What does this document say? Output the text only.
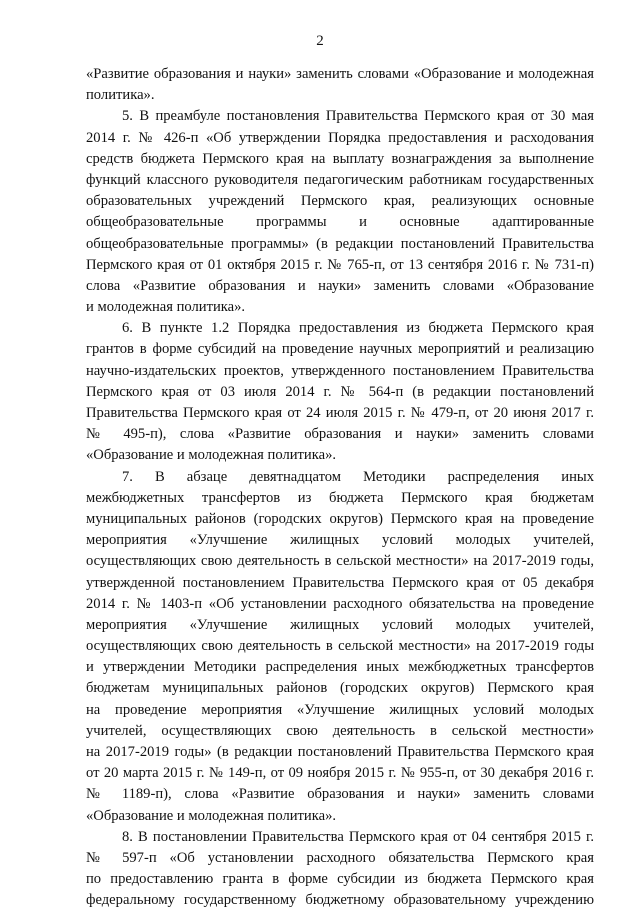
2
«Развитие образования и науки» заменить словами «Образование и молодежная
политика».
5. В преамбуле постановления Правительства Пермского края от 30 мая
2014 г. № 426-п «Об утверждении Порядка предоставления и расходования
средств бюджета Пермского края на выплату вознаграждения за выполнение
функций классного руководителя педагогическим работникам государственных
образовательных учреждений Пермского края, реализующих основные
общеобразовательные программы и основные адаптированные
общеобразовательные программы» (в редакции постановлений Правительства
Пермского края от 01 октября 2015 г. № 765-п, от 13 сентября 2016 г. № 731-п)
слова «Развитие образования и науки» заменить словами «Образование
и молодежная политика».
6. В пункте 1.2 Порядка предоставления из бюджета Пермского края
грантов в форме субсидий на проведение научных мероприятий и реализацию
научно-издательских проектов, утвержденного постановлением Правительства
Пермского края от 03 июля 2014 г. № 564-п (в редакции постановлений
Правительства Пермского края от 24 июля 2015 г. № 479-п, от 20 июня 2017 г.
№ 495-п), слова «Развитие образования и науки» заменить словами
«Образование и молодежная политика».
7. В абзаце девятнадцатом Методики распределения иных
межбюджетных трансфертов из бюджета Пермского края бюджетам
муниципальных районов (городских округов) Пермского края на проведение
мероприятия «Улучшение жилищных условий молодых учителей,
осуществляющих свою деятельность в сельской местности» на 2017-2019 годы,
утвержденной постановлением Правительства Пермского края от 05 декабря
2014 г. № 1403-п «Об установлении расходного обязательства на проведение
мероприятия «Улучшение жилищных условий молодых учителей,
осуществляющих свою деятельность в сельской местности» на 2017-2019 годы
и утверждении Методики распределения иных межбюджетных трансфертов
бюджетам муниципальных районов (городских округов) Пермского края
на проведение мероприятия «Улучшение жилищных условий молодых
учителей, осуществляющих свою деятельность в сельской местности»
на 2017-2019 годы» (в редакции постановлений Правительства Пермского края
от 20 марта 2015 г. № 149-п, от 09 ноября 2015 г. № 955-п, от 30 декабря 2016 г.
№ 1189-п), слова «Развитие образования и науки» заменить словами
«Образование и молодежная политика».
8. В постановлении Правительства Пермского края от 04 сентября 2015 г.
№ 597-п «Об установлении расходного обязательства Пермского края
по предоставлению гранта в форме субсидии из бюджета Пермского края
федеральному государственному бюджетному образовательному учреждению
